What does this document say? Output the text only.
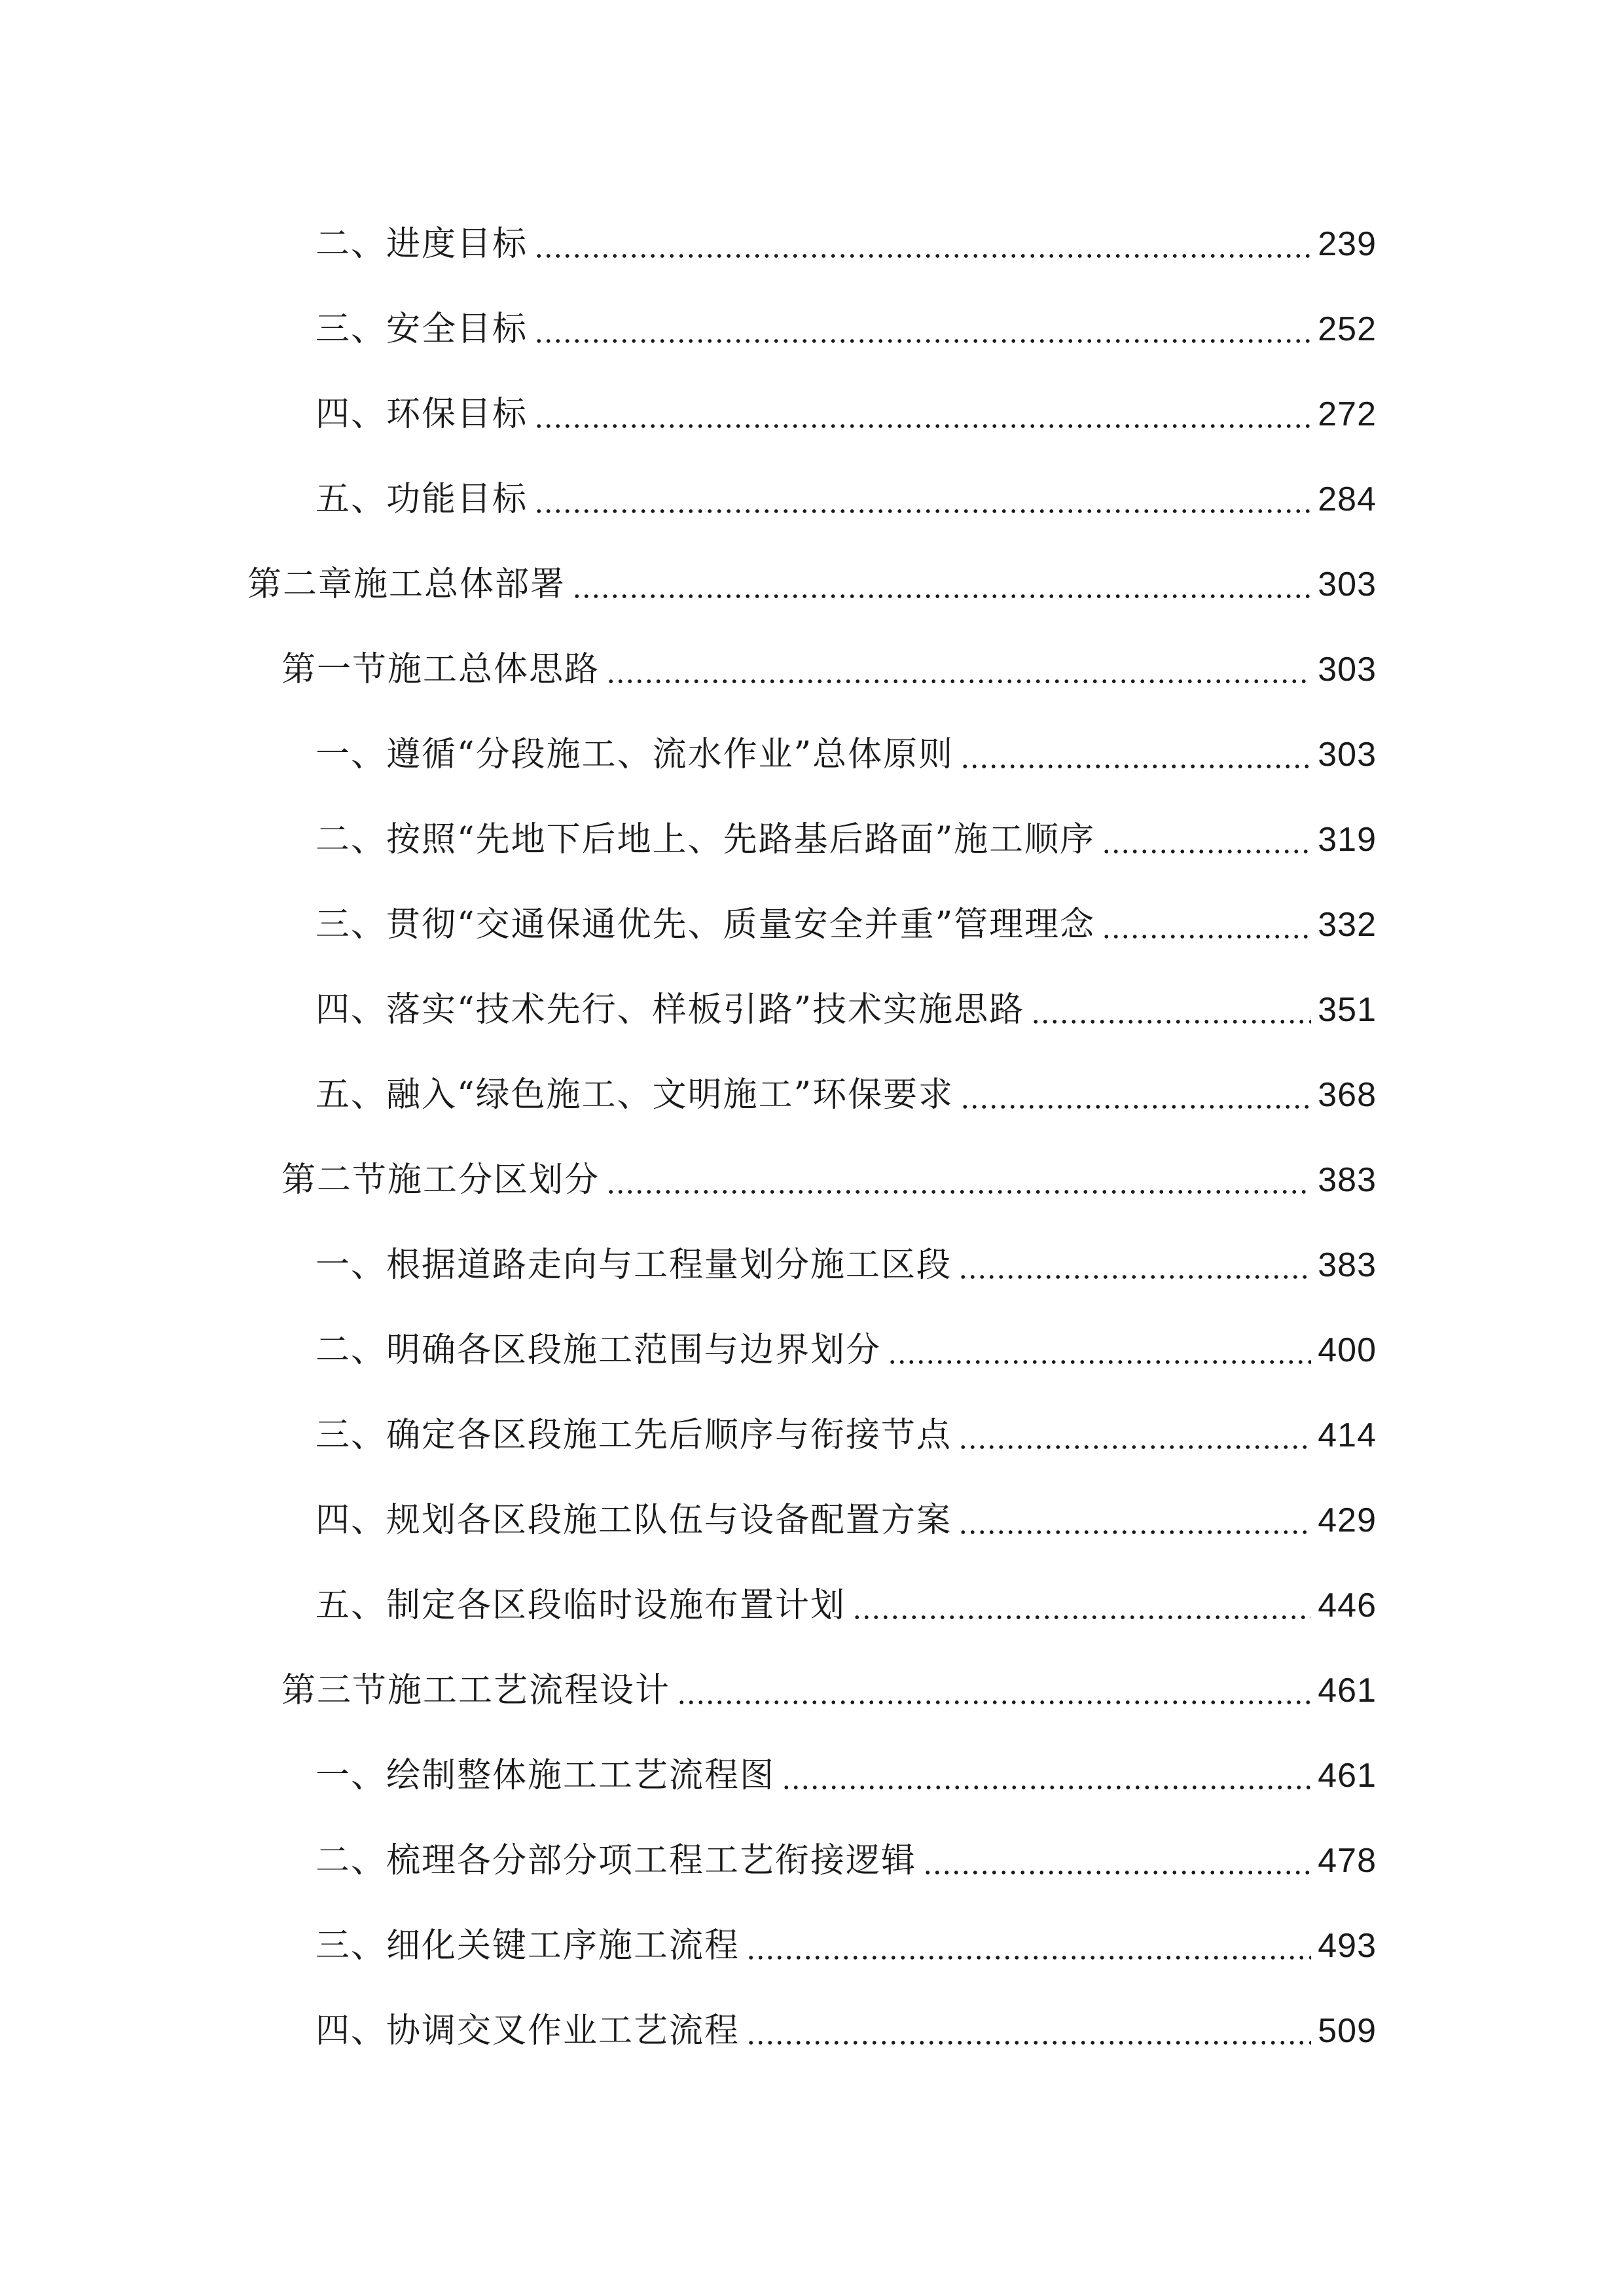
二、进度目标	239
三、安全目标	252
四、环保目标	272
五、功能目标	284
第二章施工总体部署	303
第一节施工总体思路	303
一、遵循“分段施工、流水作业”总体原则	303
二、按照“先地下后地上、先路基后路面”施工顺序	319
三、贯彻“交通保通优先、质量安全并重”管理理念	332
四、落实“技术先行、样板引路”技术实施思路	351
五、融入“绿色施工、文明施工”环保要求	368
第二节施工分区划分	383
一、根据道路走向与工程量划分施工区段	383
二、明确各区段施工范围与边界划分	400
三、确定各区段施工先后顺序与衔接节点	414
四、规划各区段施工队伍与设备配置方案	429
五、制定各区段临时设施布置计划	446
第三节施工工艺流程设计	461
一、绘制整体施工工艺流程图	461
二、梳理各分部分项工程工艺衔接逻辑	478
三、细化关键工序施工流程	493
四、协调交叉作业工艺流程	509
